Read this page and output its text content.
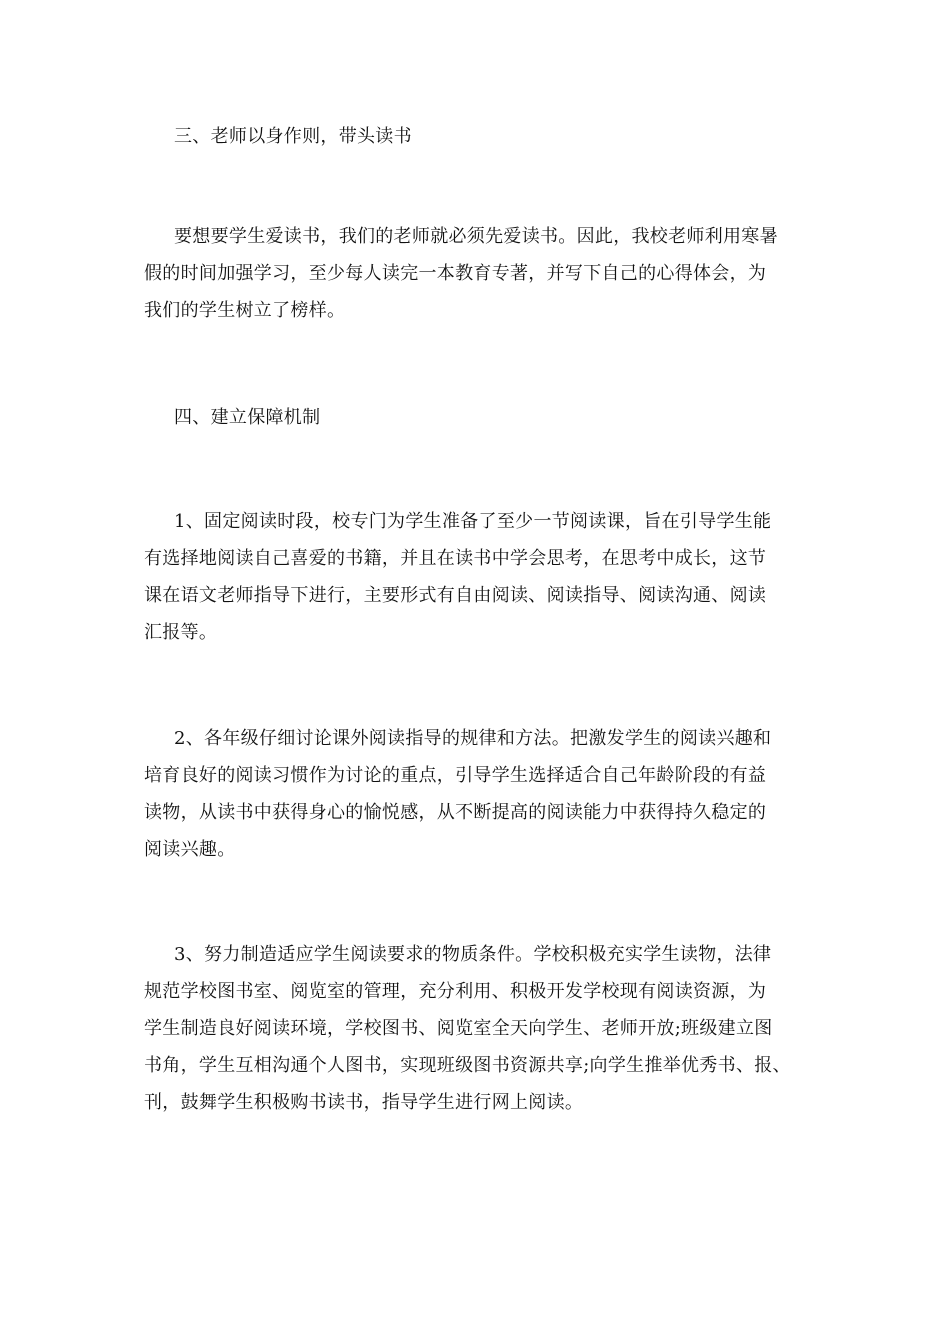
三、老师以身作则，带头读书
要想要学生爱读书，我们的老师就必须先爱读书。因此，我校老师利用寒暑
假的时间加强学习，至少每人读完一本教育专著，并写下自己的心得体会，为
我们的学生树立了榜样。
四、建立保障机制
1、固定阅读时段，校专门为学生准备了至少一节阅读课，旨在引导学生能
有选择地阅读自己喜爱的书籍，并且在读书中学会思考，在思考中成长，这节
课在语文老师指导下进行，主要形式有自由阅读、阅读指导、阅读沟通、阅读
汇报等。
2、各年级仔细讨论课外阅读指导的规律和方法。把激发学生的阅读兴趣和
培育良好的阅读习惯作为讨论的重点，引导学生选择适合自己年龄阶段的有益
读物，从读书中获得身心的愉悦感，从不断提高的阅读能力中获得持久稳定的
阅读兴趣。
3、努力制造适应学生阅读要求的物质条件。学校积极充实学生读物，法律
规范学校图书室、阅览室的管理，充分利用、积极开发学校现有阅读资源，为
学生制造良好阅读环境，学校图书、阅览室全天向学生、老师开放;班级建立图
书角，学生互相沟通个人图书，实现班级图书资源共享;向学生推举优秀书、报、
刊，鼓舞学生积极购书读书，指导学生进行网上阅读。
